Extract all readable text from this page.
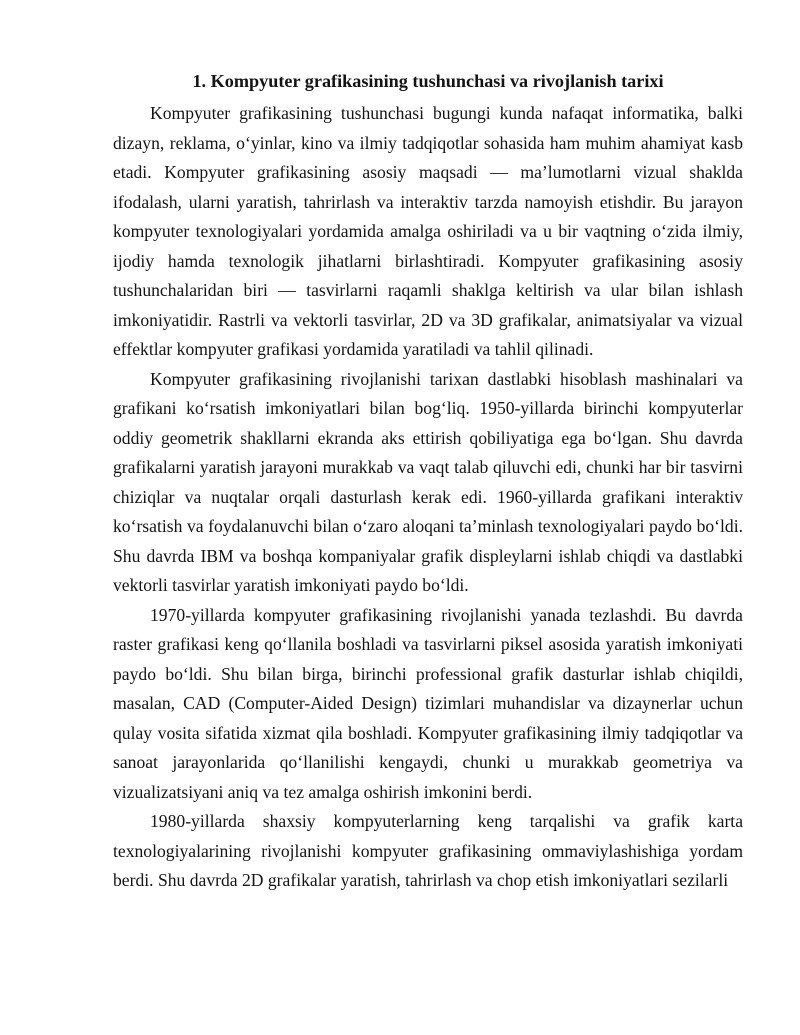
1. Kompyuter grafikasining tushunchasi va rivojlanish tarixi

Kompyuter grafikasining tushunchasi bugungi kunda nafaqat informatika, balki dizayn, reklama, o‘yinlar, kino va ilmiy tadqiqotlar sohasida ham muhim ahamiyat kasb etadi. Kompyuter grafikasining asosiy maqsadi — ma’lumotlarni vizual shaklda ifodalash, ularni yaratish, tahrirlash va interaktiv tarzda namoyish etishdir. Bu jarayon kompyuter texnologiyalari yordamida amalga oshiriladi va u bir vaqtning o‘zida ilmiy, ijodiy hamda texnologik jihatlarni birlashtiradi. Kompyuter grafikasining asosiy tushunchalaridan biri — tasvirlarni raqamli shaklga keltirish va ular bilan ishlash imkoniyatidir. Rastrli va vektorli tasvirlar, 2D va 3D grafikalar, animatsiyalar va vizual effektlar kompyuter grafikasi yordamida yaratiladi va tahlil qilinadi.

Kompyuter grafikasining rivojlanishi tarixan dastlabki hisoblash mashinalari va grafikani ko‘rsatish imkoniyatlari bilan bog‘liq. 1950-yillarda birinchi kompyuterlar oddiy geometrik shakllarni ekranda aks ettirish qobiliyatiga ega bo‘lgan. Shu davrda grafikalarni yaratish jarayoni murakkab va vaqt talab qiluvchi edi, chunki har bir tasvirni chiziqlar va nuqtalar orqali dasturlash kerak edi. 1960-yillarda grafikani interaktiv ko‘rsatish va foydalanuvchi bilan o‘zaro aloqani ta’minlash texnologiyalari paydo bo‘ldi. Shu davrda IBM va boshqa kompaniyalar grafik displeylarni ishlab chiqdi va dastlabki vektorli tasvirlar yaratish imkoniyati paydo bo‘ldi.

1970-yillarda kompyuter grafikasining rivojlanishi yanada tezlashdi. Bu davrda raster grafikasi keng qo‘llanila boshladi va tasvirlarni piksel asosida yaratish imkoniyati paydo bo‘ldi. Shu bilan birga, birinchi professional grafik dasturlar ishlab chiqildi, masalan, CAD (Computer-Aided Design) tizimlari muhandislar va dizaynerlar uchun qulay vosita sifatida xizmat qila boshladi. Kompyuter grafikasining ilmiy tadqiqotlar va sanoat jarayonlarida qo‘llanilishi kengaydi, chunki u murakkab geometriya va vizualizatsiyani aniq va tez amalga oshirish imkonini berdi.

1980-yillarda shaxsiy kompyuterlarning keng tarqalishi va grafik karta texnologiyalarining rivojlanishi kompyuter grafikasining ommaviylashishiga yordam berdi. Shu davrda 2D grafikalar yaratish, tahrirlash va chop etish imkoniyatlari sezilarli
